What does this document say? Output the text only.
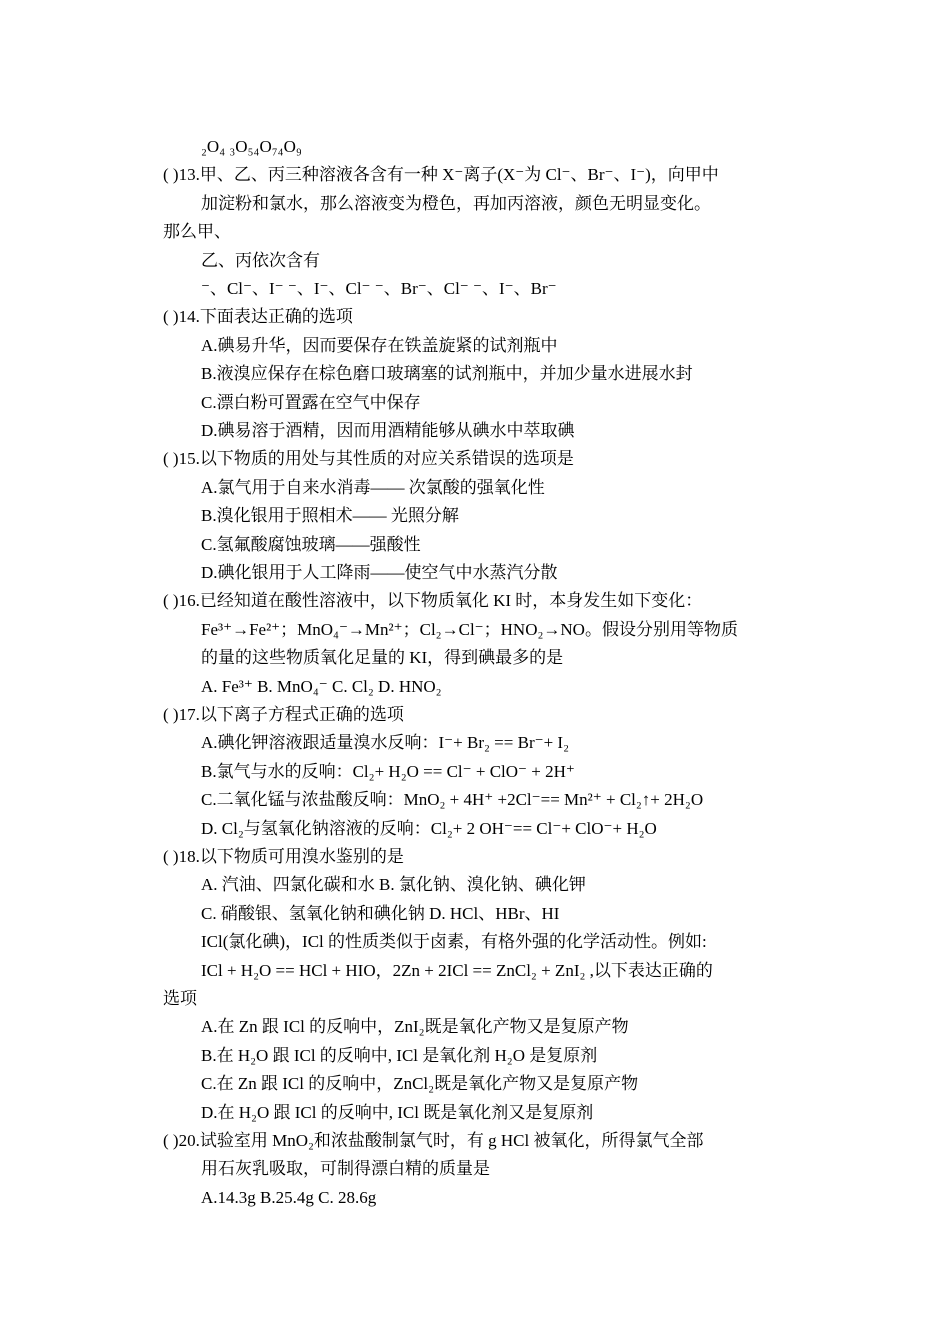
₂O₄ ₃O₅₄O₇₄O₉
( )13.甲、乙、丙三种溶液各含有一种 X⁻离子(X⁻为 Cl⁻、Br⁻、I⁻)，向甲中
加淀粉和氯水，那么溶液变为橙色，再加丙溶液，颜色无明显变化。
那么甲、
乙、丙依次含有
⁻、Cl⁻、I⁻ ⁻、I⁻、Cl⁻ ⁻、Br⁻、Cl⁻ ⁻、I⁻、Br⁻
( )14.下面表达正确的选项
A.碘易升华，因而要保存在铁盖旋紧的试剂瓶中
B.液溴应保存在棕色磨口玻璃塞的试剂瓶中，并加少量水进展水封
C.漂白粉可置露在空气中保存
D.碘易溶于酒精，因而用酒精能够从碘水中萃取碘
( )15.以下物质的用处与其性质的对应关系错误的选项是
A.氯气用于自来水消毒—— 次氯酸的强氧化性
B.溴化银用于照相术—— 光照分解
C.氢氟酸腐蚀玻璃——强酸性
D.碘化银用于人工降雨——使空气中水蒸汽分散
( )16.已经知道在酸性溶液中，以下物质氧化 KI 时，本身发生如下变化：
Fe³⁺→Fe²⁺；MnO₄⁻→Mn²⁺；Cl₂→Cl⁻；HNO₂→NO。假设分别用等物质
的量的这些物质氧化足量的 KI，得到碘最多的是
A. Fe³⁺ B. MnO₄⁻ C. Cl₂ D. HNO₂
( )17.以下离子方程式正确的选项
A.碘化钾溶液跟适量溴水反响：I⁻+ Br₂ == Br⁻+ I₂
B.氯气与水的反响：Cl₂+ H₂O == Cl⁻ + ClO⁻ + 2H⁺
C.二氧化锰与浓盐酸反响：MnO₂ + 4H⁺ +2Cl⁻== Mn²⁺ + Cl₂↑+ 2H₂O
D. Cl₂与氢氧化钠溶液的反响：Cl₂+ 2 OH⁻== Cl⁻+ ClO⁻+ H₂O
( )18.以下物质可用溴水鉴别的是
A. 汽油、四氯化碳和水 B. 氯化钠、溴化钠、碘化钾
C. 硝酸银、氢氧化钠和碘化钠 D. HCl、HBr、HI
ICl(氯化碘)，ICl 的性质类似于卤素，有格外强的化学活动性。例如:
ICl + H₂O == HCl + HIO，2Zn + 2ICl == ZnCl₂ + ZnI₂ ,以下表达正确的
选项
A.在 Zn 跟 ICl 的反响中，ZnI₂既是氧化产物又是复原产物
B.在 H₂O 跟 ICl 的反响中, ICl 是氧化剂 H₂O 是复原剂
C.在 Zn 跟 ICl 的反响中，ZnCl₂既是氧化产物又是复原产物
D.在 H₂O 跟 ICl 的反响中, ICl 既是氧化剂又是复原剂
( )20.试验室用 MnO₂和浓盐酸制氯气时，有 g HCl 被氧化，所得氯气全部
用石灰乳吸取，可制得漂白精的质量是
A.14.3g B.25.4g C. 28.6g
